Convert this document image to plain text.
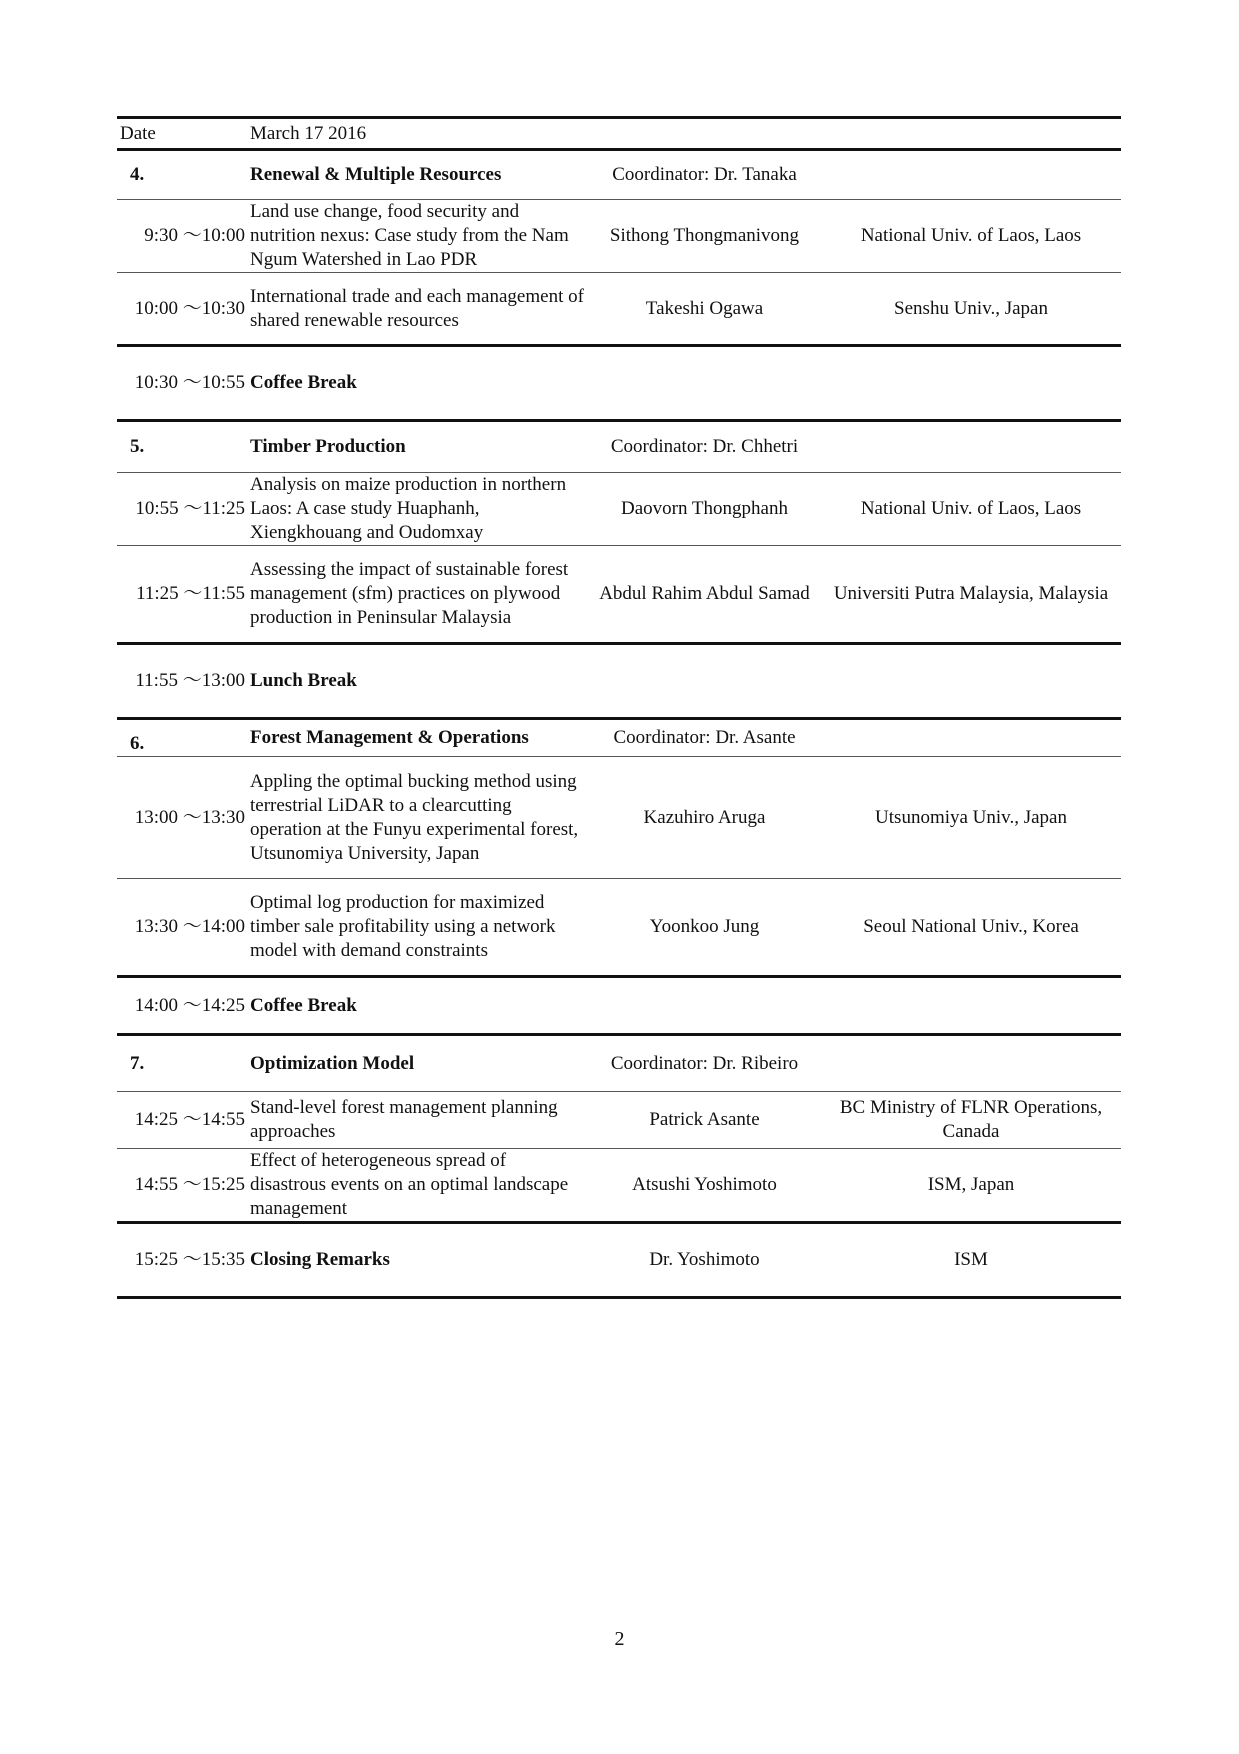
Date	March 17 2016		
4.	Renewal & Multiple Resources	Coordinator: Dr. Tanaka	
9:30 ～10:00	Land use change, food security and nutrition nexus: Case study from the Nam Ngum Watershed in Lao PDR	Sithong Thongmanivong	National Univ. of Laos, Laos
10:00 ～10:30	International trade and each management of shared renewable resources	Takeshi Ogawa	Senshu Univ., Japan
10:30 ～10:55	Coffee Break		
5.	Timber Production	Coordinator: Dr. Chhetri	
10:55 ～11:25	Analysis on maize production in northern Laos: A case study Huaphanh, Xiengkhouang and Oudomxay	Daovorn Thongphanh	National Univ. of Laos, Laos
11:25 ～11:55	Assessing the impact of sustainable forest management (sfm) practices on plywood production in Peninsular Malaysia	Abdul Rahim Abdul Samad	Universiti Putra Malaysia, Malaysia
11:55 ～13:00	Lunch Break		
6.	Forest Management & Operations	Coordinator: Dr. Asante	
13:00 ～13:30	Appling the optimal bucking method using terrestrial LiDAR to a clearcutting operation at the Funyu experimental forest, Utsunomiya University, Japan	Kazuhiro Aruga	Utsunomiya Univ., Japan
13:30 ～14:00	Optimal log production for maximized timber sale profitability using a network model with demand constraints	Yoonkoo Jung	Seoul National Univ., Korea
14:00 ～14:25	Coffee Break		
7.	Optimization Model	Coordinator: Dr. Ribeiro	
14:25 ～14:55	Stand-level forest management planning approaches	Patrick Asante	BC Ministry of FLNR Operations, Canada
14:55 ～15:25	Effect of heterogeneous spread of disastrous events on an optimal landscape management	Atsushi Yoshimoto	ISM, Japan
15:25 ～15:35	Closing Remarks	Dr. Yoshimoto	ISM
2
